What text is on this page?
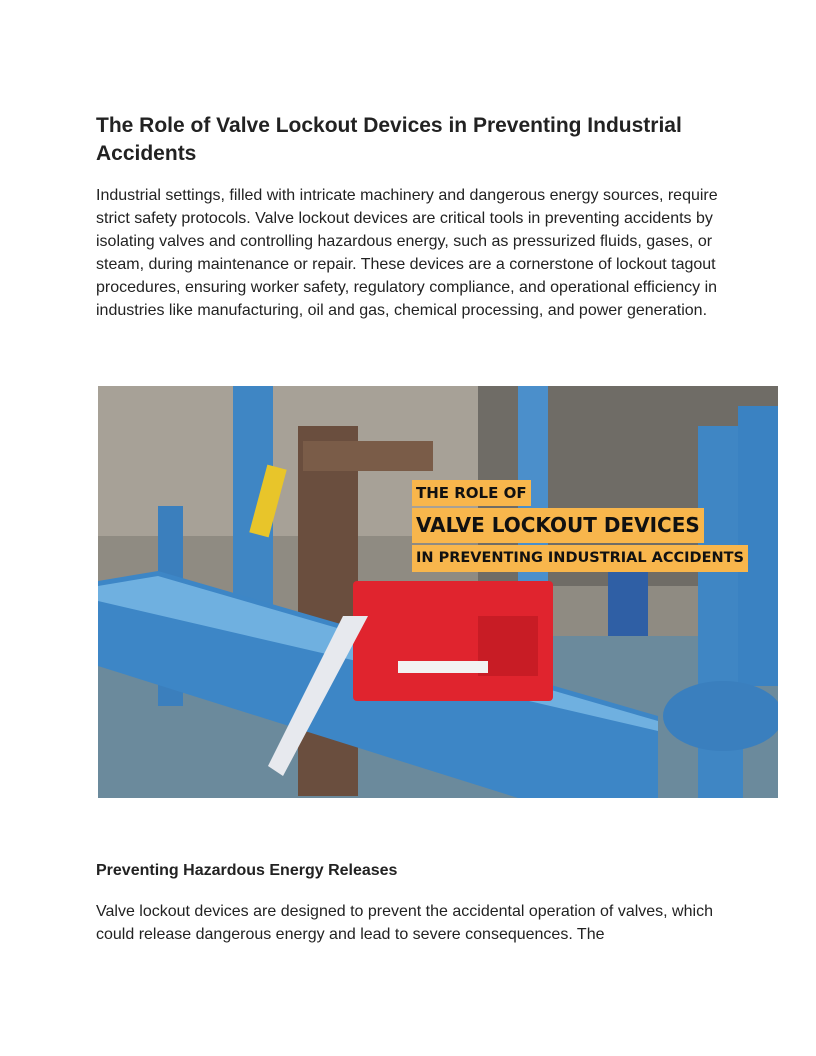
The Role of Valve Lockout Devices in Preventing Industrial Accidents

Industrial settings, filled with intricate machinery and dangerous energy sources, require strict safety protocols. Valve lockout devices are critical tools in preventing accidents by isolating valves and controlling hazardous energy, such as pressurized fluids, gases, or steam, during maintenance or repair. These devices are a cornerstone of lockout tagout procedures, ensuring worker safety, regulatory compliance, and operational efficiency in industries like manufacturing, oil and gas, chemical processing, and power generation.

THE ROLE OF
VALVE LOCKOUT DEVICES
IN PREVENTING INDUSTRIAL ACCIDENTS
Preventing Hazardous Energy Releases

Valve lockout devices are designed to prevent the accidental operation of valves, which could release dangerous energy and lead to severe consequences. The
